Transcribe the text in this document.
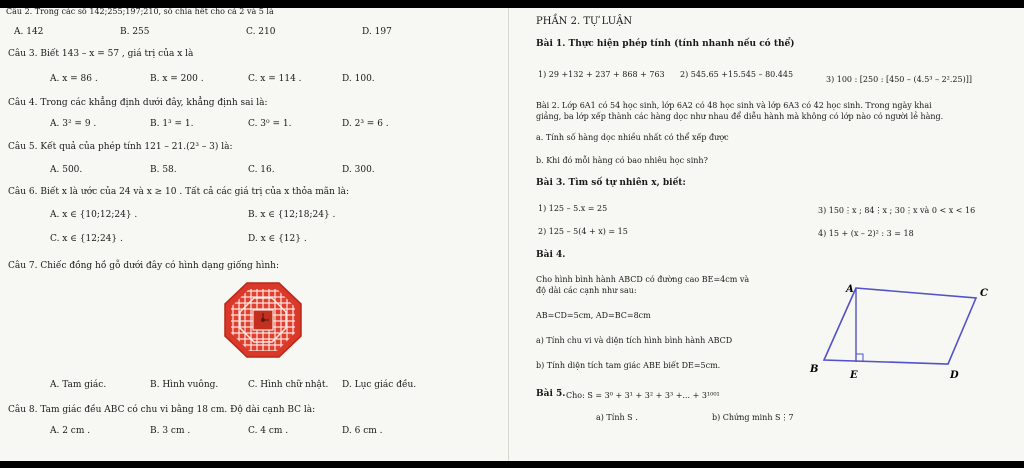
Câu 2. Trong các số 142;255;197;210, số chia hết cho cả 2 và 5 là
A. 142	B. 255	C. 210	D. 197
Câu 3. Biết 143 – x = 57 , giá trị của x là
A. x = 86 .	B. x = 200 .	C. x = 114 .	D. 100.
Câu 4. Trong các khẳng định dưới đây, khẳng định sai là:
A. 3² = 9 .	B. 1³ = 1.	C. 3⁰ = 1.	D. 2³ = 6 .
Câu 5. Kết quả của phép tính 121 – 21.(2³ – 3) là:
A. 500.	B. 58.	C. 16.	D. 300.
Câu 6. Biết x là ước của 24 và x ≥ 10 . Tất cả các giá trị của x thỏa mãn là:
A. x ∈ {10;12;24} .	B. x ∈ {12;18;24} .
C. x ∈ {12;24} .	D. x ∈ {12} .
Câu 7. Chiếc đồng hồ gỗ dưới đây có hình dạng giống hình:
A. Tam giác.	B. Hình vuông.	C. Hình chữ nhật. D. Lục giác đều.
Câu 8. Tam giác đều ABC có chu vi bằng 18 cm. Độ dài cạnh BC là:
A. 2 cm .	B. 3 cm .	C. 4 cm .	D. 6 cm .
PHẦN 2. TỰ LUẬN
Bài 1. Thực hiện phép tính (tính nhanh nếu có thể)
1) 29 +132 + 237 + 868 + 763 2) 545.65 +15.545 – 80.445
3) 100 : [250 : [450 – (4.5³ – 2².25)]]
Bài 2. Lớp 6A1 có 54 học sinh, lớp 6A2 có 48 học sinh và lớp 6A3 có 42 học sinh. Trong ngày khai
giảng, ba lớp xếp thành các hàng dọc như nhau để diễu hành mà không có lớp nào có người lẻ hàng.
a. Tính số hàng dọc nhiều nhất có thể xếp được
b. Khi đó mỗi hàng có bao nhiêu học sinh?
Bài 3. Tìm số tự nhiên x, biết:
1) 125 – 5.x = 25	3) 150⋮x ; 84⋮x ; 30⋮x và 0 < x < 16
2) 125 – 5(4 + x) = 15	4) 15 + (x – 2)² : 3 = 18
Bài 4.
Cho hình bình hành ABCD có đường cao BE=4cm và
độ dài các cạnh như sau:
AB=CD=5cm, AD=BC=8cm
a) Tính chu vi và diện tích hình bình hành ABCD
b) Tính diện tích tam giác ABE biết DE=5cm.
A	C
B
E	D
Bài 5. Cho: S = 3⁰ + 3¹ + 3² + 3³ +... + 3¹⁰⁰¹
a) Tính S .	b) Chứng minh S⋮7
